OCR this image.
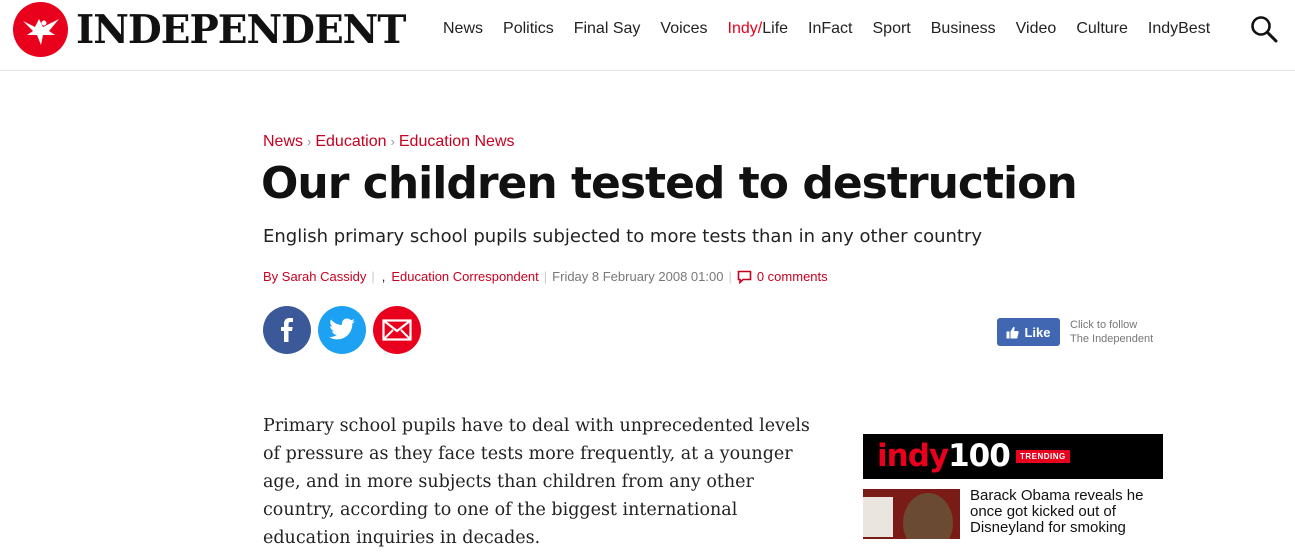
INDEPENDENT News Politics Final Say Voices Indy/Life InFact Sport Business Video Culture IndyBest
News › Education › Education News
Our children tested to destruction
English primary school pupils subjected to more tests than in any other country
By Sarah Cassidy | , Education Correspondent | Friday 8 February 2008 01:00 | 0 comments
Like Click to follow
The Independent

Primary school pupils have to deal with unprecedented levels of pressure as they face tests more frequently, at a younger age, and in more subjects than children from any other country, according to one of the biggest international education inquiries in decades.

indy100	TRENDING
Barack Obama reveals he once got kicked out of Disneyland for smoking
